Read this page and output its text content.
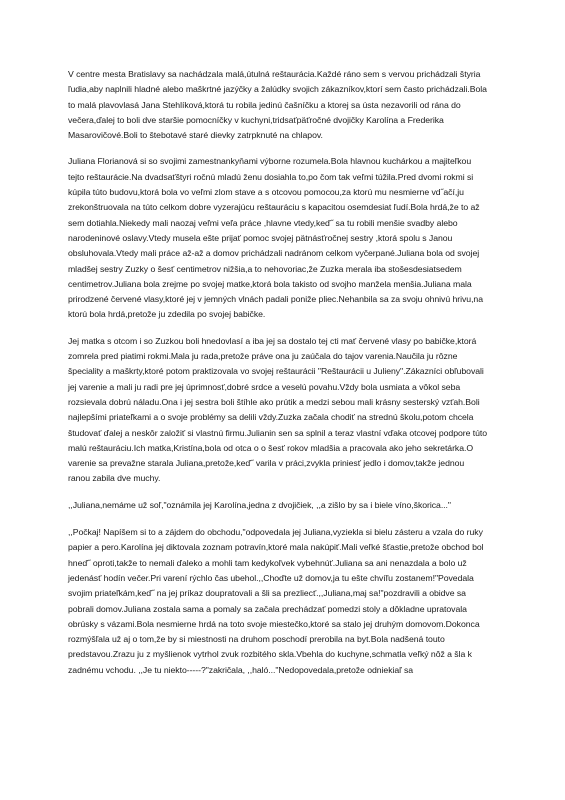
V centre mesta Bratislavy sa nachádzala malá,útulná reštaurácia.Každé ráno sem s vervou prichádzali štyria ľudia,aby naplnili hladné alebo maškrtné jazýčky a žalúdky svojich zákazníkov,ktorí sem často prichádzali.Bola to malá plavovlasá Jana Stehlíková,ktorá tu robila jedinú čašníčku a ktorej sa ústa nezavorili od rána do večera,ďalej to boli dve staršie pomocníčky v kuchyni,tridsaťpäťročné dvojičky Karolína a Frederika Masarovičové.Boli to štebotavé staré dievky zatrpknuté na chlapov.

Juliana Florianová si so svojimi zamestnankyňami výborne rozumela.Bola hlavnou kuchárkou a majiteľkou tejto reštaurácie.Na dvadsaťštyri ročnú mladú ženu dosiahla to,po čom tak veľmi túžila.Pred dvomi rokmi si kúpila túto budovu,ktorá bola vo veľmi zlom stave a s otcovou pomocou,za ktorú mu nesmierne vd˝ačí,ju zrekonštruovala na túto celkom dobre vyzerajúcu reštauráciu s kapacitou osemdesiat ľudí.Bola hrdá,že to až sem dotiahla.Niekedy mali naozaj veľmi veľa práce ,hlavne vtedy,keď˝ sa tu robili menšie svadby alebo narodeninové oslavy.Vtedy musela ešte prijať pomoc svojej pätnásťročnej sestry ,ktorá spolu s Janou obsluhovala.Vtedy mali práce až-až a domov prichádzali nadránom celkom vyčerpané.Juliana bola od svojej mladšej sestry Zuzky o šesť centimetrov nižšia,a to nehovoriac,že Zuzka merala iba stošesdesiatsedem centimetrov.Juliana bola zrejme po svojej matke,ktorá bola takisto od svojho manžela menšia.Juliana mala prirodzené červené vlasy,ktoré jej v jemných vlnách padali poniže pliec.Nehanbila sa za svoju ohnivú hrivu,na ktorú bola hrdá,pretože ju zdedila po svojej babičke.

Jej matka s otcom i so Zuzkou boli hnedovlasí a iba jej sa dostalo tej cti mať červené vlasy po babičke,ktorá zomrela pred piatimi rokmi.Mala ju rada,pretože práve ona ju zaúčala do tajov varenia.Naučila ju rôzne špeciality a maškrty,ktoré potom praktizovala vo svojej reštaurácii "Reštaurácii u Julieny".Zákazníci obľubovali jej varenie a mali ju radi pre jej úprimnosť,dobré srdce a veselú povahu.Vždy bola usmiata a vôkol seba rozsievala dobrú náladu.Ona i jej sestra boli štíhle ako prútik a medzi sebou mali krásny sesterský vzťah.Boli najlepšími priateľkami a o svoje problémy sa delili vždy.Zuzka začala chodiť na strednú školu,potom chcela študovať ďalej a neskôr založiť si vlastnú firmu.Julianin sen sa splnil a teraz vlastní vďaka otcovej podpore túto malú reštauráciu.Ich matka,Kristína,bola od otca o o šesť rokov mladšia a pracovala ako jeho sekretárka.O varenie sa prevažne starala Juliana,pretože,keď˝ varila v práci,zvykla priniesť jedlo i domov,takže jednou ranou zabila dve muchy.

,,Juliana,nemáme už soľ,"oznámila jej Karolína,jedna z dvojičiek, ,,a zišlo by sa i biele víno,škorica..."

,,Počkaj! Napíšem si to a zájdem do obchodu,"odpovedala jej Juliana,vyziekla si bielu zásteru a vzala do ruky papier a pero.Karolína jej diktovala zoznam potravín,ktoré mala nakúpiť.Mali veľké šťastie,pretože obchod bol hneď˝ oproti,takže to nemali ďaleko a mohli tam kedykoľvek vybehnúť.Juliana sa ani nenazdala a bolo už jedenásť hodín večer.Pri varení rýchlo čas ubehol.,,Choďte už domov,ja tu ešte chvíľu zostanem!"Povedala svojim priateľkám,keď˝ na jej príkaz doupratovali a šli sa prezliecť.,,Juliana,maj sa!"pozdravili a obidve sa pobrali domov.Juliana zostala sama a pomaly sa začala prechádzať pomedzi stoly a dôkladne upratovala obrúsky s vázami.Bola nesmierne hrdá na toto svoje miestečko,ktoré sa stalo jej druhým domovom.Dokonca rozmýšľala už aj o tom,že by si miestnosti na druhom poschodí prerobila na byt.Bola nadšená touto predstavou.Zrazu ju z myšlienok vytrhol zvuk rozbitého skla.Vbehla do kuchyne,schmatla veľký nôž a šla k zadnému vchodu. ,,Je tu niekto-----?"zakričala, ,,haló..."Nedopovedala,pretože odniekiaľ sa
